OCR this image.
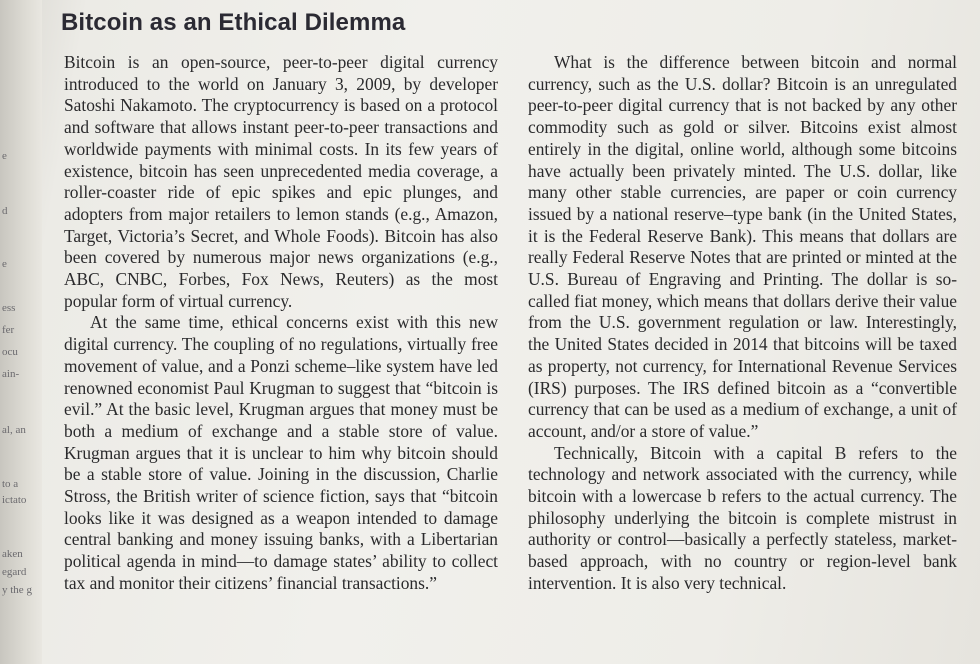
e
d
e
ess
fer
ocu
ain-
al, an
to a
ictato
aken
egard
y the g
Bitcoin as an Ethical Dilemma

Bitcoin is an open-source, peer-to-peer digital currency introduced to the world on January 3, 2009, by developer Satoshi Nakamoto. The cryptocurrency is based on a protocol and software that allows instant peer-to-peer transactions and worldwide payments with minimal costs. In its few years of existence, bitcoin has seen unprecedented media coverage, a roller-coaster ride of epic spikes and epic plunges, and adopters from major retailers to lemon stands (e.g., Amazon, Target, Victoria’s Secret, and Whole Foods). Bitcoin has also been covered by numerous major news organizations (e.g., ABC, CNBC, Forbes, Fox News, Reuters) as the most popular form of virtual currency.

At the same time, ethical concerns exist with this new digital currency. The coupling of no regulations, virtually free movement of value, and a Ponzi scheme–like system have led renowned economist Paul Krugman to suggest that “bitcoin is evil.” At the basic level, Krugman argues that money must be both a medium of exchange and a stable store of value. Krugman argues that it is unclear to him why bitcoin should be a stable store of value. Joining in the discussion, Charlie Stross, the British writer of science fiction, says that “bitcoin looks like it was designed as a weapon intended to damage central banking and money issuing banks, with a Libertarian political agenda in mind—to damage states’ ability to collect tax and monitor their citizens’ financial transactions.”

What is the difference between bitcoin and normal currency, such as the U.S. dollar? Bitcoin is an unregulated peer-to-peer digital currency that is not backed by any other commodity such as gold or silver. Bitcoins exist almost entirely in the digital, online world, although some bitcoins have actually been privately minted. The U.S. dollar, like many other stable currencies, are paper or coin currency issued by a national reserve–type bank (in the United States, it is the Federal Reserve Bank). This means that dollars are really Federal Reserve Notes that are printed or minted at the U.S. Bureau of Engraving and Printing. The dollar is so-called fiat money, which means that dollars derive their value from the U.S. government regulation or law. Interestingly, the United States decided in 2014 that bitcoins will be taxed as property, not currency, for International Revenue Services (IRS) purposes. The IRS defined bitcoin as a “convertible currency that can be used as a medium of exchange, a unit of account, and/or a store of value.”

Technically, Bitcoin with a capital B refers to the technology and network associated with the currency, while bitcoin with a lowercase b refers to the actual currency. The philosophy underlying the bitcoin is complete mistrust in authority or control—basically a perfectly stateless, market-based approach, with no country or region-level bank intervention. It is also very technical.
